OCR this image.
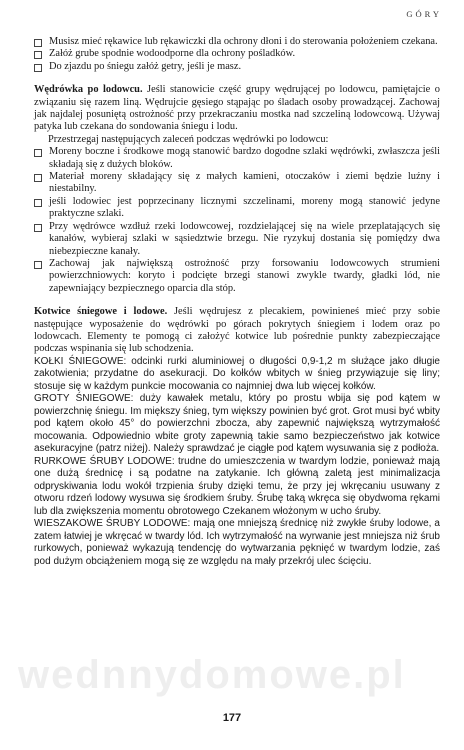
GÓRY
Musisz mieć rękawice lub rękawiczki dla ochrony dłoni i do sterowania położeniem czekana.
Załóż grube spodnie wodoodporne dla ochrony pośladków.
Do zjazdu po śniegu załóż getry, jeśli je masz.

Wędrówka po lodowcu. Jeśli stanowicie część grupy wędrującej po lodowcu, pamiętajcie o związaniu się razem liną. Wędrujcie gęsiego stąpając po śladach osoby prowadzącej. Zachowaj jak najdalej posuniętą ostrożność przy przekraczaniu mostka nad szczeliną lodowcową. Używaj patyka lub czekana do sondowania śniegu i lodu.

Przestrzegaj następujących zaleceń podczas wędrówki po lodowcu:

Moreny boczne i środkowe mogą stanowić bardzo dogodne szlaki wędrówki, zwłaszcza jeśli składają się z dużych bloków.
Materiał moreny składający się z małych kamieni, otoczaków i ziemi będzie luźny i niestabilny.
jeśli lodowiec jest poprzecinany licznymi szczelinami, moreny mogą stanowić jedyne praktyczne szlaki.
Przy wędrówce wzdłuż rzeki lodowcowej, rozdzielającej się na wiele przeplatających się kanałów, wybieraj szlaki w sąsiedztwie brzegu. Nie ryzykuj dostania się pomiędzy dwa niebezpieczne kanały.
Zachowaj jak największą ostrożność przy forsowaniu lodowcowych strumieni powierzchniowych: koryto i podcięte brzegi stanowi zwykle twardy, gładki lód, nie zapewniający bezpiecznego oparcia dla stóp.

Kotwice śniegowe i lodowe. Jeśli wędrujesz z plecakiem, powinieneś mieć przy sobie następujące wyposażenie do wędrówki po górach pokrytych śniegiem i lodem oraz po lodowcach. Elementy te pomogą ci założyć kotwice lub pośrednie punkty zabezpieczające podczas wspinania się lub schodzenia.

KOŁKI ŚNIEGOWE: odcinki rurki aluminiowej o długości 0,9-1,2 m służące jako długie zakotwienia; przydatne do asekuracji. Do kołków wbitych w śnieg przywiązuje się liny; stosuje się w każdym punkcie mocowania co najmniej dwa lub więcej kołków.

GROTY ŚNIEGOWE: duży kawałek metalu, który po prostu wbija się pod kątem w powierzchnię śniegu. Im miększy śnieg, tym większy powinien być grot. Grot musi być wbity pod kątem około 45° do powierzchni zbocza, aby zapewnić największą wytrzymałość mocowania. Odpowiednio wbite groty zapewnią takie samo bezpieczeństwo jak kotwice asekuracyjne (patrz niżej). Należy sprawdzać je ciągłe pod kątem wysuwania się z podłoża.

RURKOWE ŚRUBY LODOWE: trudne do umieszczenia w twardym lodzie, ponieważ mają one dużą średnicę i są podatne na zatykanie. Ich główną zaletą jest minimalizacja odpryskiwania lodu wokół trzpienia śruby dzięki temu, że przy jej wkręcaniu usuwany z otworu rdzeń lodowy wysuwa się środkiem śruby. Śrubę taką wkręca się obydwoma rękami lub dla zwiększenia momentu obrotowego Czekanem włożonym w ucho śruby.

WIESZAKOWE ŚRUBY LODOWE: mają one mniejszą średnicę niż zwykłe śruby lodowe, a zatem łatwiej je wkręcać w twardy lód. Ich wytrzymałość na wyrwanie jest mniejsza niż śrub rurkowych, ponieważ wykazują tendencję do wytwarzania pęknięć w twardym lodzie, zaś pod dużym obciążeniem mogą się ze względu na mały przekrój ulec ścięciu.

wednnydomowe.pl
177
